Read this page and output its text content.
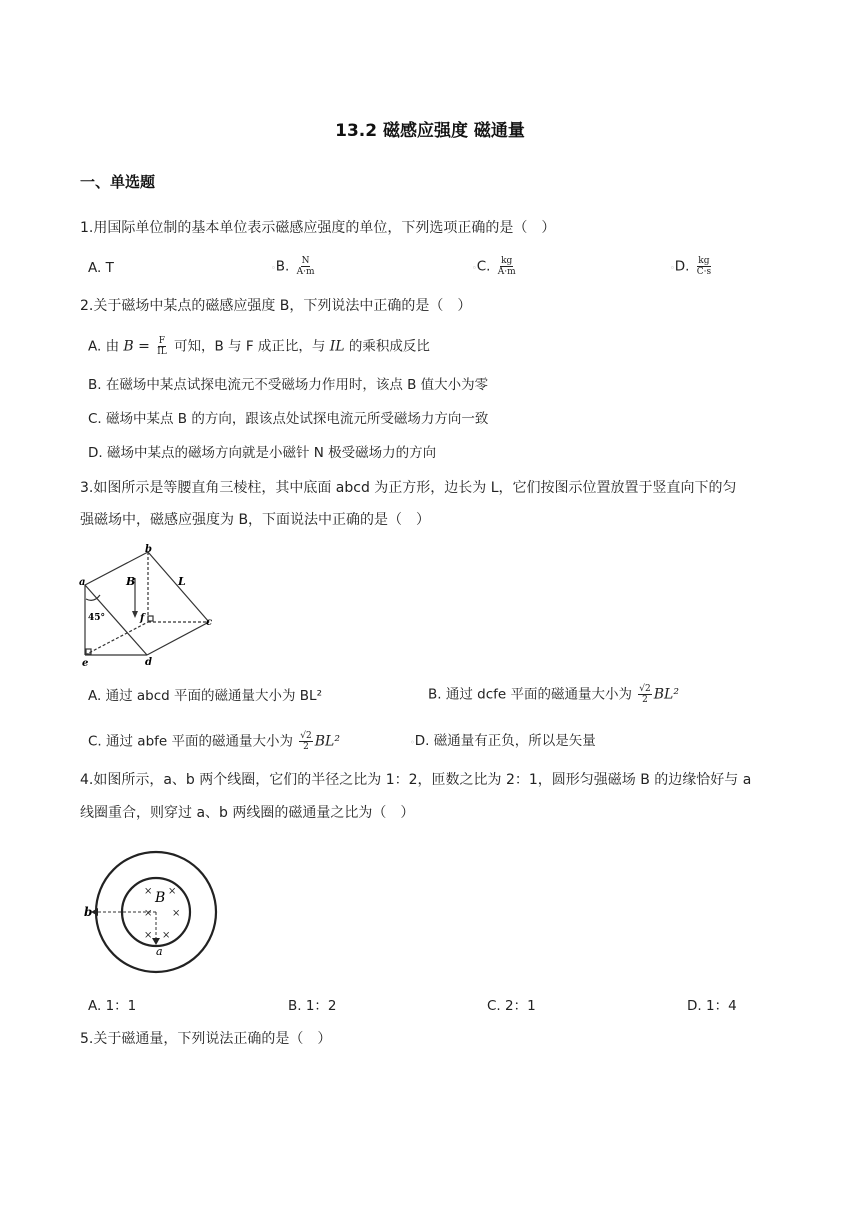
13.2 磁感应强度 磁通量
一、单选题
1.用国际单位制的基本单位表示磁感应强度的单位，下列选项正确的是（　）
A. T	◦B. $\frac{N}{A\cdot m}$	◦C. $\frac{kg}{A\cdot m}$	◦D. $\frac{kg}{C\cdot s}$
2.关于磁场中某点的磁感应强度 B，下列说法中正确的是（　）
A. 由 $B = \frac{F}{IL}$ 可知，B 与 F 成正比，与 IL 的乘积成反比
B. 在磁场中某点试探电流元不受磁场力作用时，该点 B 值大小为零
C. 磁场中某点 B 的方向，跟该点处试探电流元所受磁场力方向一致
D. 磁场中某点的磁场方向就是小磁针 N 极受磁场力的方向
3.如图所示是等腰直角三棱柱，其中底面 abcd 为正方形，边长为 L，它们按图示位置放置于竖直向下的匀
强磁场中，磁感应强度为 B，下面说法中正确的是（　）
a
b
c
d
e
f
B	L
45°
A. 通过 abcd 平面的磁通量大小为 BL²	B. 通过 dcfe 平面的磁通量大小为 $\frac{√2}{2} BL^2$
C. 通过 abfe 平面的磁通量大小为 $\frac{√2}{2} BL^2$	◦D. 磁通量有正负，所以是矢量
4.如图所示，a、b 两个线圈，它们的半径之比为 1：2，匝数之比为 2：1，圆形匀强磁场 B 的边缘恰好与 a
线圈重合，则穿过 a、b 两线圈的磁通量之比为（　）
× ×
× ×
× ×
B
b
a
A. 1：1	B. 1：2	C. 2：1	D. 1：4
5.关于磁通量，下列说法正确的是（　）
